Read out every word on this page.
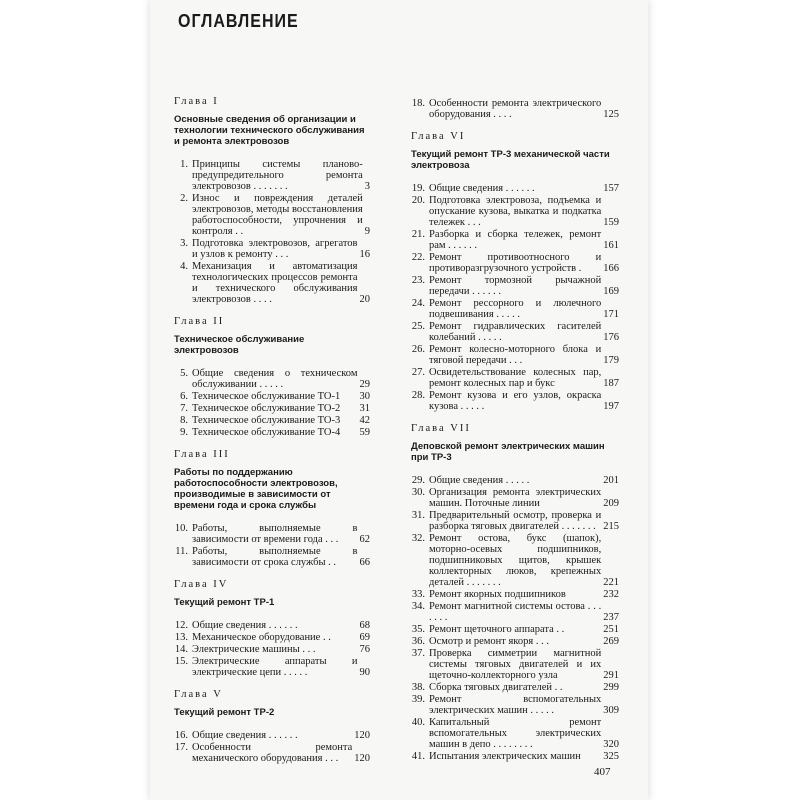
ОГЛАВЛЕНИЕ
Глава I
Основные сведения об организации и технологии технического обслуживания и ремонта электровозов
1. Принципы системы планово-предупредительного ремонта электровозов . . . . . . .	3
2. Износ и повреждения деталей электровозов, методы восстановления работоспособности, упрочнения и контроля . .	9
3. Подготовка электровозов, агрегатов и узлов к ремонту . . .	16
4. Механизация и автоматизация технологических процессов ремонта и технического обслуживания электровозов . . . .	20
Глава II
Техническое обслуживание электровозов
5. Общие сведения о техническом обслуживании . . . . .	29
6. Техническое обслуживание ТО-1	30
7. Техническое обслуживание ТО-2	31
8. Техническое обслуживание ТО-3	42
9. Техническое обслуживание ТО-4	59
Глава III
Работы по поддержанию работоспособности электровозов, производимые в зависимости от времени года и срока службы
10. Работы, выполняемые в зависимости от времени года . . .	62
11. Работы, выполняемые в зависимости от срока службы . .	66
Глава IV
Текущий ремонт ТР-1
12. Общие сведения . . . . . .	68
13. Механическое оборудование . .	69
14. Электрические машины . . .	76
15. Электрические аппараты и электрические цепи . . . . .	90
Глава V
Текущий ремонт ТР-2
16. Общие сведения . . . . . .	120
17. Особенности ремонта механического оборудования . . .	120
18. Особенности ремонта электрического оборудования . . . .	125
Глава VI
Текущий ремонт ТР-3 механической части электровоза
19. Общие сведения . . . . . .	157
20. Подготовка электровоза, подъемка и опускание кузова, выкатка и подкатка тележек . . .	159
21. Разборка и сборка тележек, ремонт рам . . . . . .	161
22. Ремонт противоотносного и противоразгрузочного устройств .	166
23. Ремонт тормозной рычажной передачи . . . . . .	169
24. Ремонт рессорного и люлечного подвешивания . . . . .	171
25. Ремонт гидравлических гасителей колебаний . . . . .	176
26. Ремонт колесно-моторного блока и тяговой передачи . . .	179
27. Освидетельствование колесных пар, ремонт колесных пар и букс	187
28. Ремонт кузова и его узлов, окраска кузова . . . . .	197
Глава VII
Деповской ремонт электрических машин при ТР-3
29. Общие сведения . . . . .	201
30. Организация ремонта электрических машин. Поточные линии	209
31. Предварительный осмотр, проверка и разборка тяговых двигателей . . . . . . . 215
32. Ремонт остова, букс (шапок), моторно-осевых подшипников, подшипниковых щитов, крышек коллекторных люков, крепежных деталей . . . . . . .	221
33. Ремонт якорных подшипников	232
34. Ремонт магнитной системы остова . . . . . . .	237
35. Ремонт щеточного аппарата . .	251
36. Осмотр и ремонт якоря . . .	269
37. Проверка симметрии магнитной системы тяговых двигателей и их щеточно-коллекторного узла	291
38. Сборка тяговых двигателей . .	299
39. Ремонт вспомогательных электрических машин . . . . .	309
40. Капитальный ремонт вспомогательных электрических машин в депо . . . . . . . .	320
41. Испытания электрических машин	325
407
